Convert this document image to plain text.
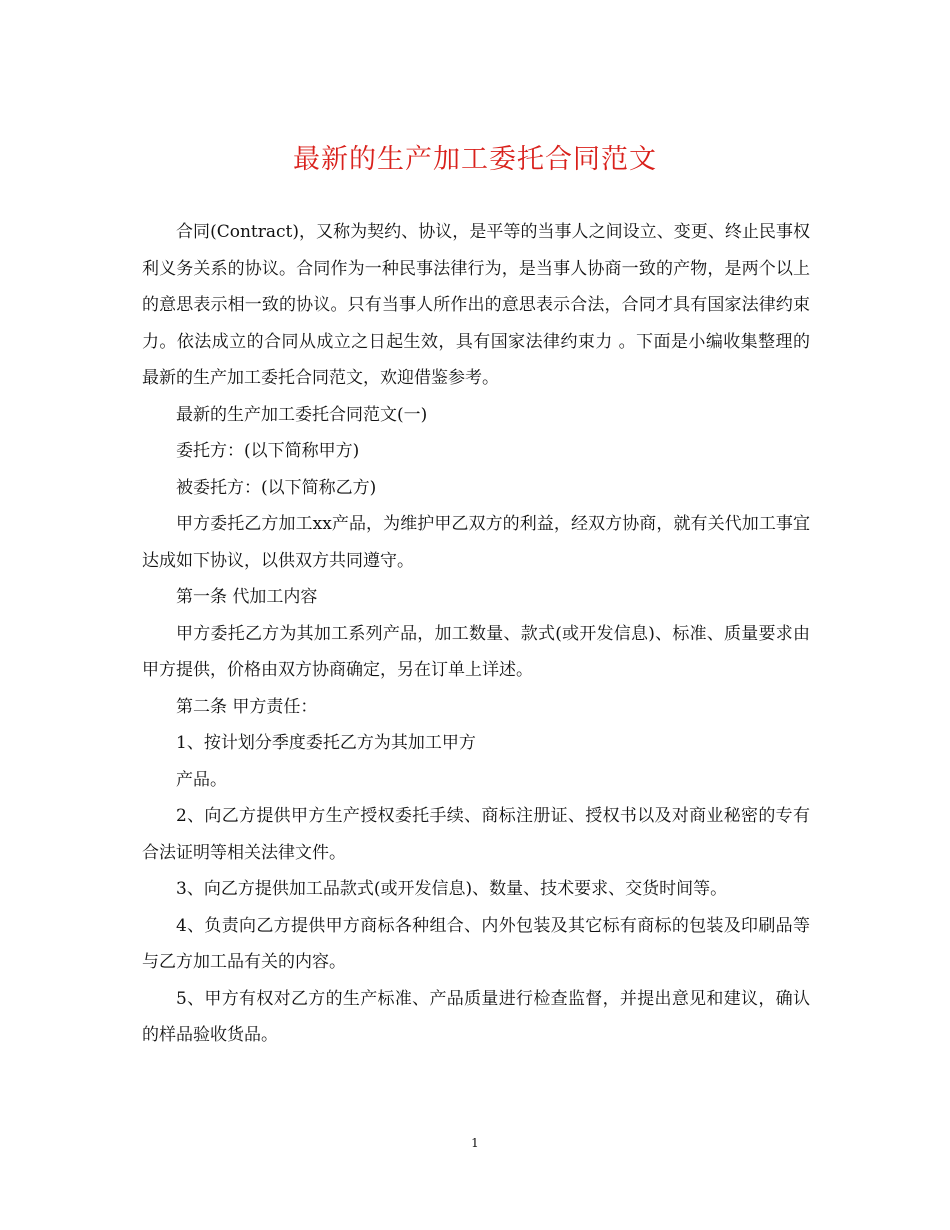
最新的生产加工委托合同范文

合同(Contract)，又称为契约、协议，是平等的当事人之间设立、变更、终止民事权利义务关系的协议。合同作为一种民事法律行为，是当事人协商一致的产物，是两个以上的意思表示相一致的协议。只有当事人所作出的意思表示合法，合同才具有国家法律约束力。依法成立的合同从成立之日起生效，具有国家法律约束力 。下面是小编收集整理的最新的生产加工委托合同范文，欢迎借鉴参考。

最新的生产加工委托合同范文(一)

委托方：(以下简称甲方)

被委托方：(以下简称乙方)

甲方委托乙方加工xx产品，为维护甲乙双方的利益，经双方协商，就有关代加工事宜达成如下协议，以供双方共同遵守。

第一条 代加工内容

甲方委托乙方为其加工系列产品，加工数量、款式(或开发信息)、标准、质量要求由甲方提供，价格由双方协商确定，另在订单上详述。

第二条 甲方责任：

1、按计划分季度委托乙方为其加工甲方

产品。

2、向乙方提供甲方生产授权委托手续、商标注册证、授权书以及对商业秘密的专有合法证明等相关法律文件。

3、向乙方提供加工品款式(或开发信息)、数量、技术要求、交货时间等。

4、负责向乙方提供甲方商标各种组合、内外包装及其它标有商标的包装及印刷品等与乙方加工品有关的内容。

5、甲方有权对乙方的生产标准、产品质量进行检查监督，并提出意见和建议，确认的样品验收货品。

1
